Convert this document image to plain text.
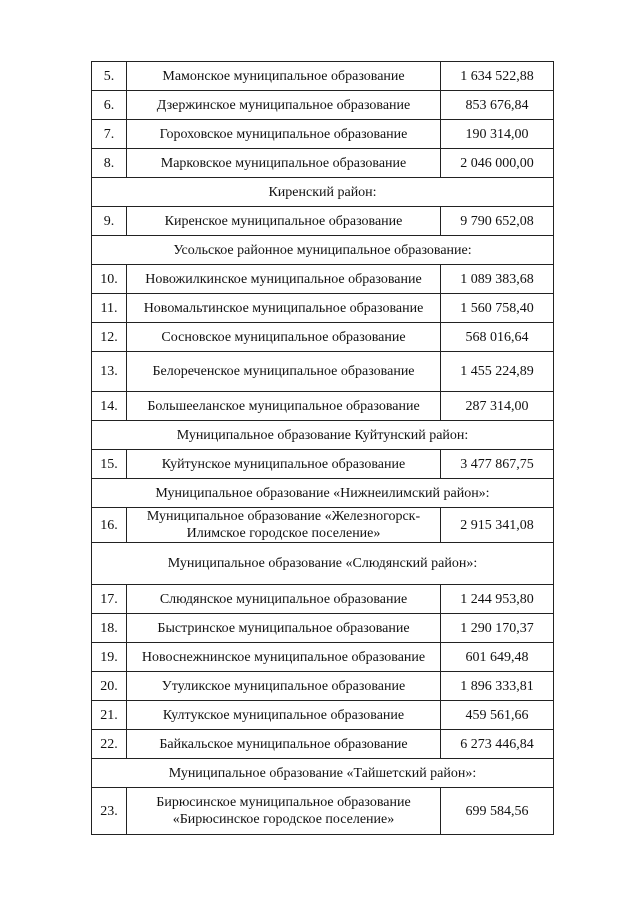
5.	Мамонское муниципальное образование	1 634 522,88
6.	Дзержинское муниципальное образование	853 676,84
7.	Гороховское муниципальное образование	190 314,00
8.	Марковское муниципальное образование	2 046 000,00
Киренский район:		
9.	Киренское муниципальное образование	9 790 652,08
Усольское районное муниципальное образование:		
10.	Новожилкинское муниципальное образование	1 089 383,68
11.	Новомальтинское муниципальное образование	1 560 758,40
12.	Сосновское муниципальное образование	568 016,64
13.	Белореченское муниципальное образование	1 455 224,89
14.	Большееланское муниципальное образование	287 314,00
Муниципальное образование Куйтунский район:		
15.	Куйтунское муниципальное образование	3 477 867,75
Муниципальное образование «Нижнеилимский район»:		
16.	Муниципальное образование «Железногорск-Илимское городское поселение»	2 915 341,08
Муниципальное образование «Слюдянский район»:		
17.	Слюдянское муниципальное образование	1 244 953,80
18.	Быстринское муниципальное образование	1 290 170,37
19.	Новоснежнинское муниципальное образование	601 649,48
20.	Утуликское муниципальное образование	1 896 333,81
21.	Култукское муниципальное образование	459 561,66
22.	Байкальское муниципальное образование	6 273 446,84
Муниципальное образование «Тайшетский район»:		
23.	Бирюсинское муниципальное образование «Бирюсинское городское поселение»	699 584,56
